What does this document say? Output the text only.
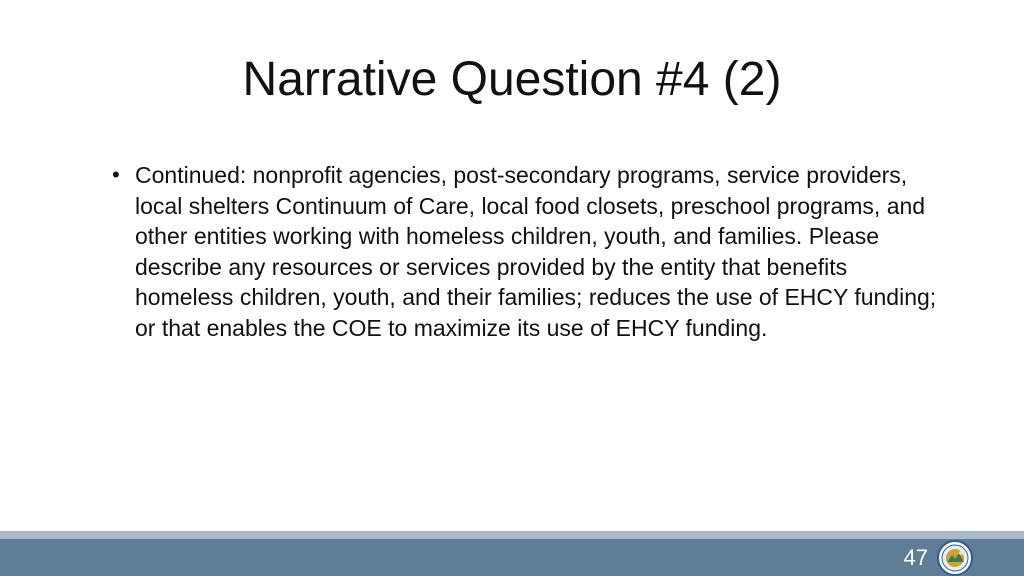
Narrative Question #4 (2)
• Continued: nonprofit agencies, post-secondary programs, service providers, local shelters Continuum of Care, local food closets, preschool programs, and other entities working with homeless children, youth, and families. Please describe any resources or services provided by the entity that benefits homeless children, youth, and their families; reduces the use of EHCY funding; or that enables the COE to maximize its use of EHCY funding.
47
